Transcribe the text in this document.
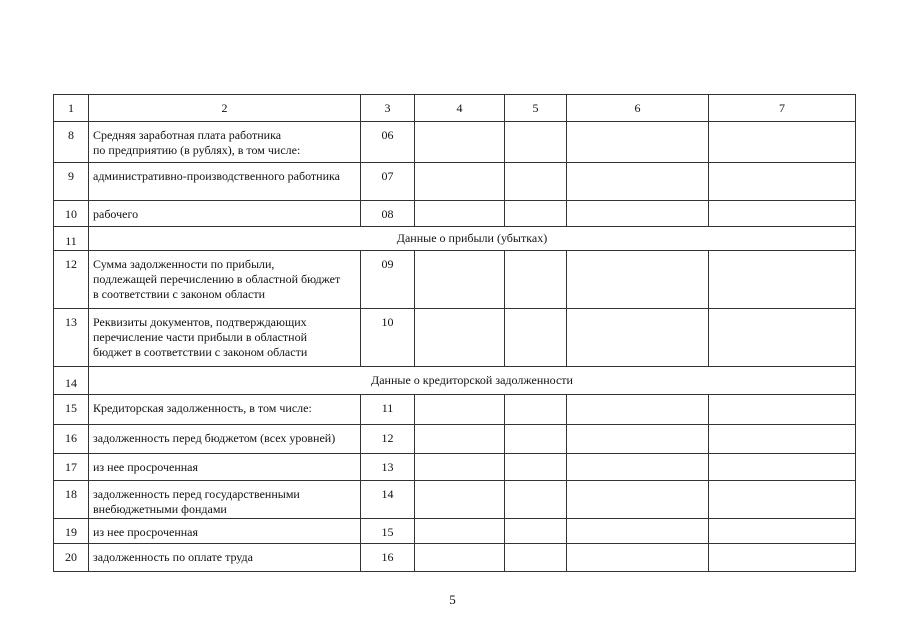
1	2	3	4	5	6	7
8	Средняя заработная плата работника
по предприятию (в рублях), в том числе:	06				
9	административно-производственного работника	07				
10	рабочего	08				
11	Данные о прибыли (убытках)					
12	Сумма задолженности по прибыли,
подлежащей перечислению в областной бюджет
в соответствии с законом области	09				
13	Реквизиты документов, подтверждающих
перечисление части прибыли в областной
бюджет в соответствии с законом области	10				
14	Данные о кредиторской задолженности					
15	Кредиторская задолженность, в том числе:	11				
16	задолженность перед бюджетом (всех уровней)	12				
17	из нее просроченная	13				
18	задолженность перед государственными
внебюджетными фондами	14				
19	из нее просроченная	15				
20	задолженность по оплате труда	16				
5
